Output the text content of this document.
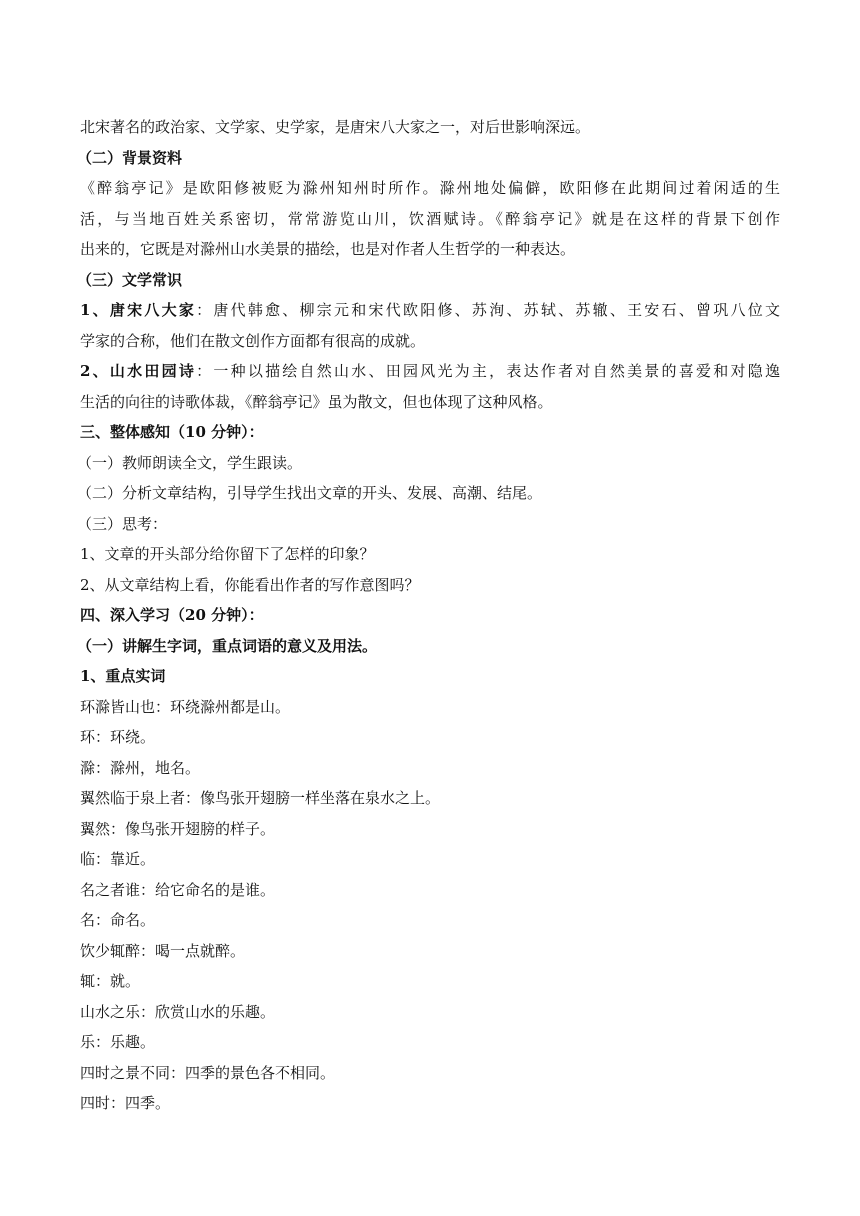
北宋著名的政治家、文学家、史学家，是唐宋八大家之一，对后世影响深远。
（二）背景资料
《醉翁亭记》是欧阳修被贬为滁州知州时所作。滁州地处偏僻，欧阳修在此期间过着闲适的生
活，与当地百姓关系密切，常常游览山川，饮酒赋诗。《醉翁亭记》就是在这样的背景下创作
出来的，它既是对滁州山水美景的描绘，也是对作者人生哲学的一种表达。
（三）文学常识
1、唐宋八大家：唐代韩愈、柳宗元和宋代欧阳修、苏洵、苏轼、苏辙、王安石、曾巩八位文
学家的合称，他们在散文创作方面都有很高的成就。
2、山水田园诗：一种以描绘自然山水、田园风光为主，表达作者对自然美景的喜爱和对隐逸
生活的向往的诗歌体裁，《醉翁亭记》虽为散文，但也体现了这种风格。
三、整体感知（10 分钟）：
（一）教师朗读全文，学生跟读。
（二）分析文章结构，引导学生找出文章的开头、发展、高潮、结尾。
（三）思考：
1、文章的开头部分给你留下了怎样的印象？
2、从文章结构上看，你能看出作者的写作意图吗？
四、深入学习（20 分钟）：
（一）讲解生字词，重点词语的意义及用法。
1、重点实词
环滁皆山也：环绕滁州都是山。
环：环绕。
滁：滁州，地名。
翼然临于泉上者：像鸟张开翅膀一样坐落在泉水之上。
翼然：像鸟张开翅膀的样子。
临：靠近。
名之者谁：给它命名的是谁。
名：命名。
饮少辄醉：喝一点就醉。
辄：就。
山水之乐：欣赏山水的乐趣。
乐：乐趣。
四时之景不同：四季的景色各不相同。
四时：四季。
